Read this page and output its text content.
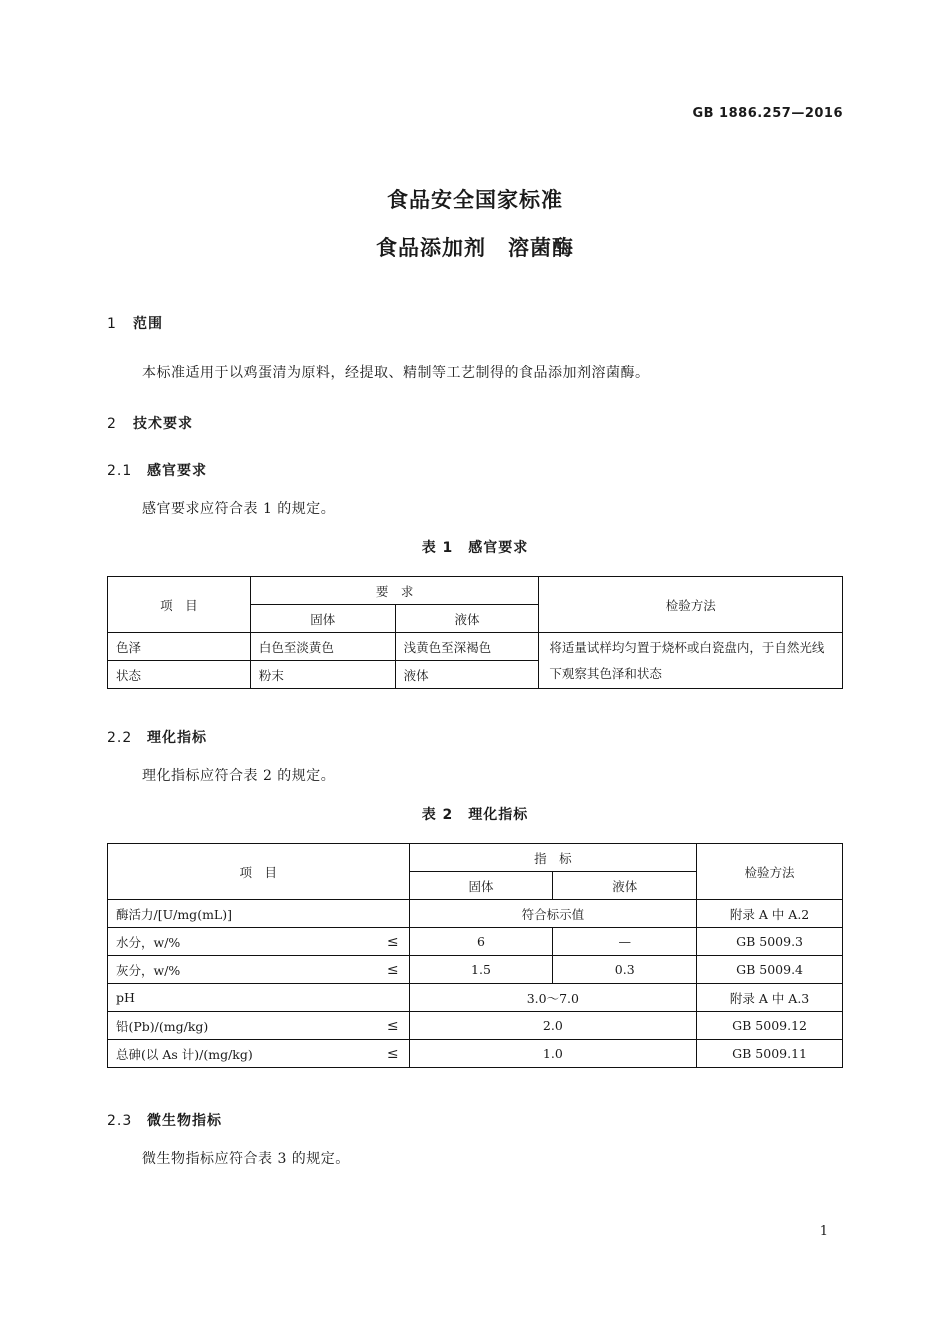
GB 1886.257—2016
食品安全国家标准
食品添加剂　溶菌酶
1 范围
本标准适用于以鸡蛋清为原料，经提取、精制等工艺制得的食品添加剂溶菌酶。
2 技术要求
2.1 感官要求
感官要求应符合表 1 的规定。
表 1　感官要求
项　目	要　求		检验方法
	固体	液体	
色泽	白色至淡黄色	浅黄色至深褐色	将适量试样均匀置于烧杯或白瓷盘内，于自然光线下观察其色泽和状态
状态	粉末	液体	
2.2 理化指标
理化指标应符合表 2 的规定。
表 2　理化指标
项　目	指　标		检验方法
	固体	液体	
酶活力/[U/mg(mL)]	符合标示值		附录 A 中 A.2
水分，w/% ≤	6	—	GB 5009.3
灰分，w/% ≤	1.5	0.3	GB 5009.4
pH	3.0～7.0		附录 A 中 A.3
铅(Pb)/(mg/kg) ≤	2.0		GB 5009.12
总砷(以 As 计)/(mg/kg) ≤	1.0		GB 5009.11
2.3 微生物指标
微生物指标应符合表 3 的规定。
1
